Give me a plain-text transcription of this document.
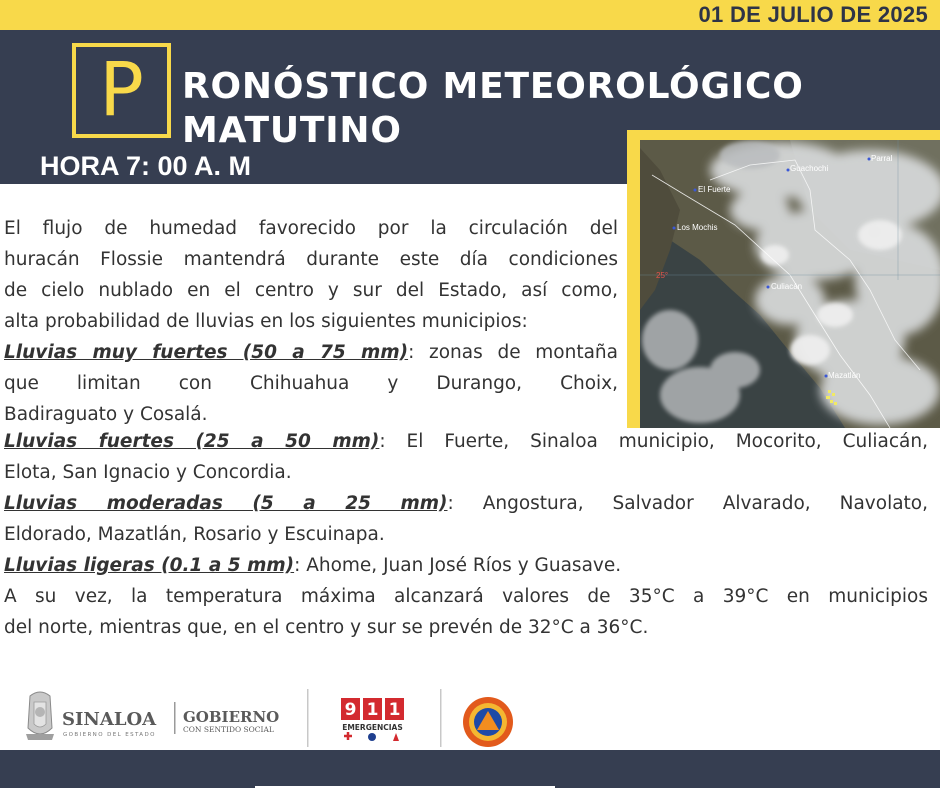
01 DE JULIO DE 2025
P	RONÓSTICO METEOROLÓGICO
MATUTINO
HORA 7: 00 A. M	Guachochi
Parral
El Fuerte
Los Mochis
Culiacán
Mazatlán
25°
El flujo de humedad favorecido por la circulación del
huracán Flossie mantendrá durante este día condiciones
de cielo nublado en el centro y sur del Estado, así como,
alta probabilidad de lluvias en los siguientes municipios:
Lluvias muy fuertes (50 a 75 mm): zonas de montaña
que limitan con Chihuahua y Durango, Choix,
Badiraguato y Cosalá.
Lluvias fuertes (25 a 50 mm): El Fuerte, Sinaloa municipio, Mocorito, Culiacán,
Elota, San Ignacio y Concordia.
Lluvias moderadas (5 a 25 mm): Angostura, Salvador Alvarado, Navolato,
Eldorado, Mazatlán, Rosario y Escuinapa.
Lluvias ligeras (0.1 a 5 mm): Ahome, Juan José Ríos y Guasave.
A su vez, la temperatura máxima alcanzará valores de 35°C a 39°C en municipios
del norte, mientras que, en el centro y sur se prevén de 32°C a 36°C.
SINALOA
GOBIERNO DEL ESTADO
GOBIERNO
CON SENTIDO SOCIAL
9 1 1
EMERGENCIAS
